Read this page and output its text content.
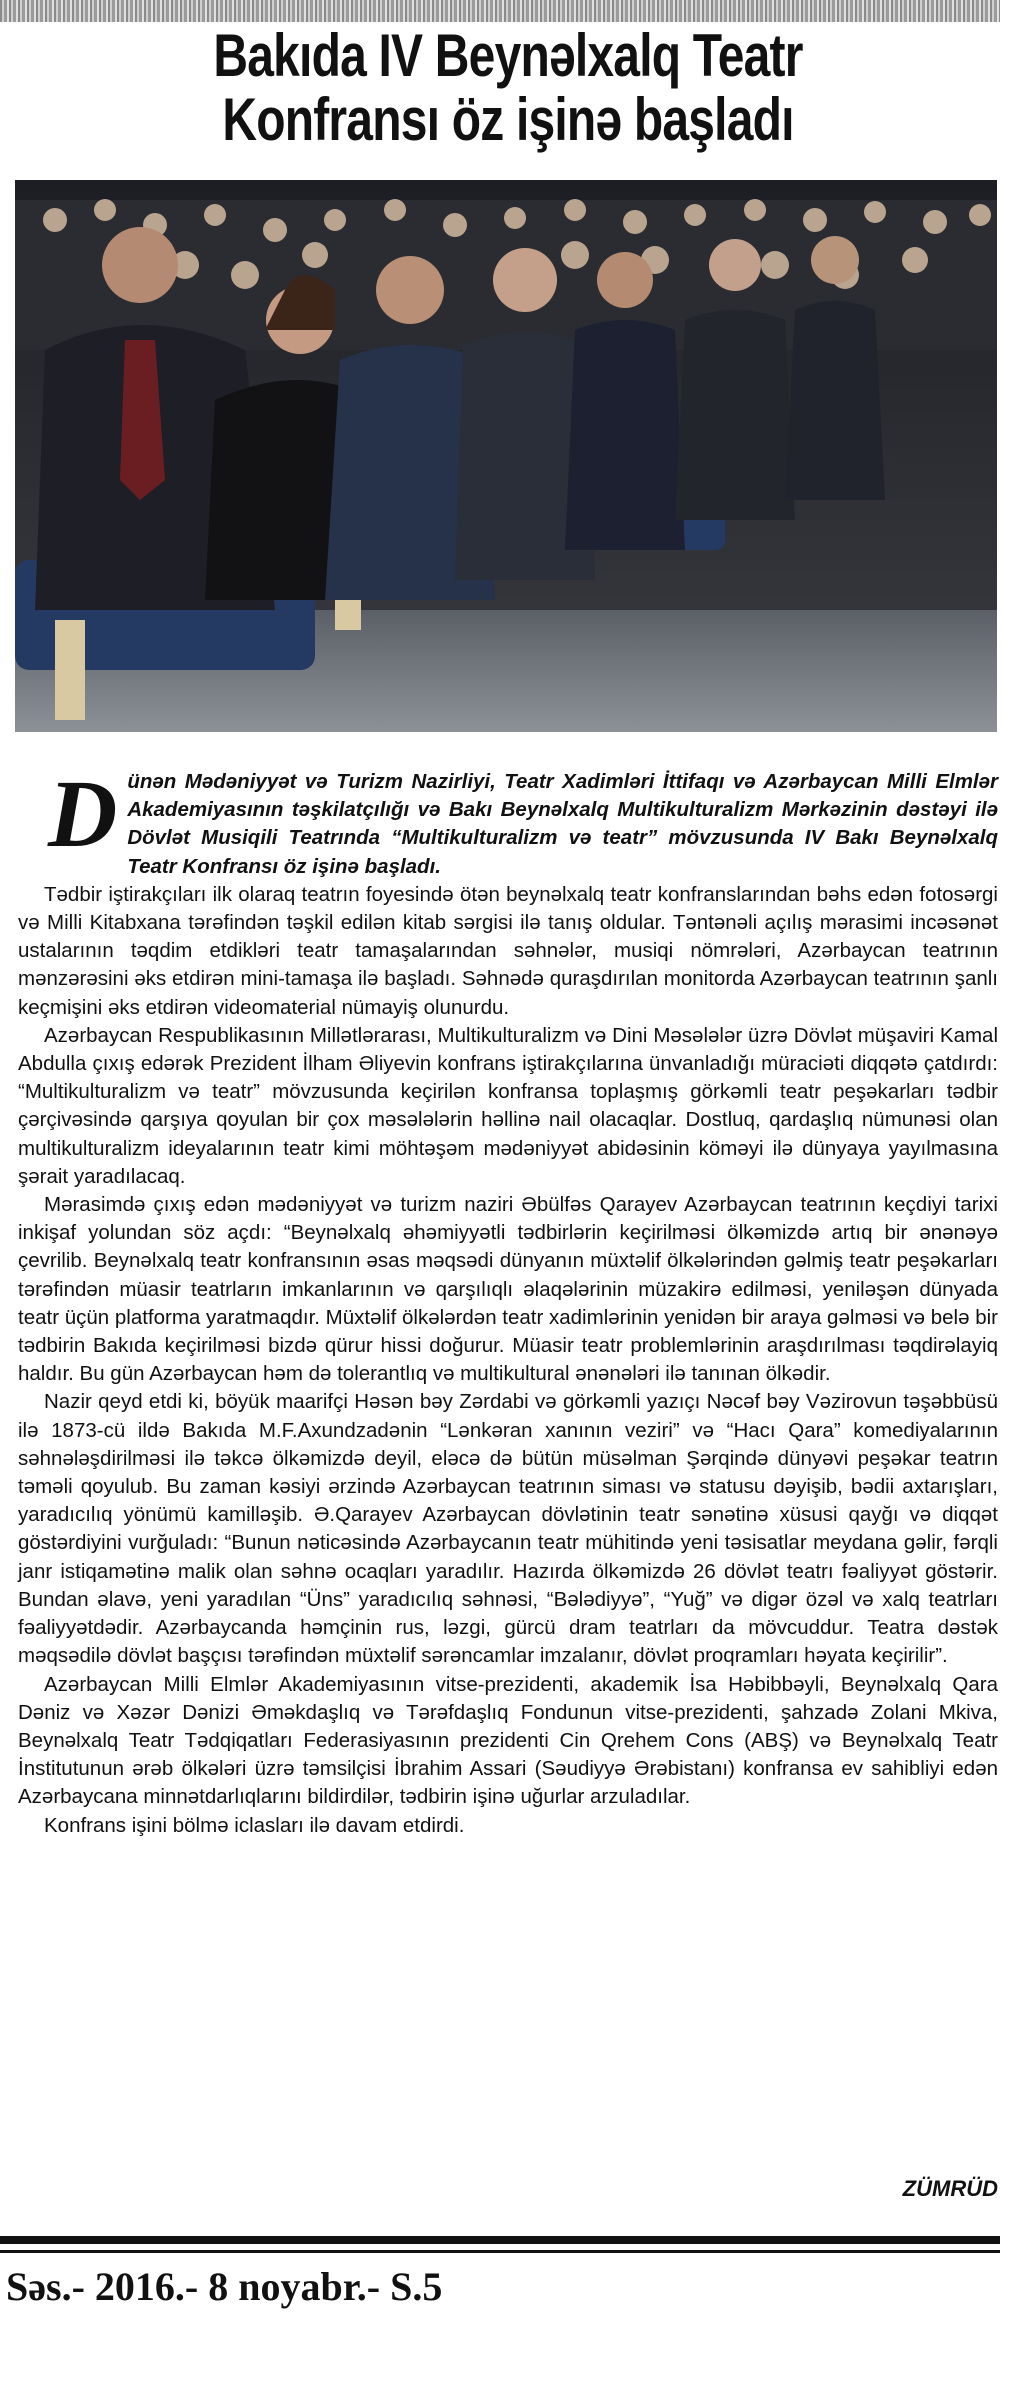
Bakıda IV Beynəlxalq Teatr
Konfransı öz işinə başladı

D ünən Mədəniyyət və Turizm Nazirliyi, Teatr Xadimləri İttifaqı və Azərbaycan Milli Elmlər Akademiyasının təşkilatçılığı və Bakı Beynəlxalq Multikulturalizm Mərkəzinin dəstəyi ilə Dövlət Musiqili Teatrında “Multikulturalizm və teatr” mövzusunda IV Bakı Beynəlxalq Teatr Konfransı öz işinə başladı.

Tədbir iştirakçıları ilk olaraq teatrın foyesində ötən beynəlxalq teatr konfranslarından bəhs edən fotosərgi və Milli Kitabxana tərəfindən təşkil edilən kitab sərgisi ilə tanış oldular. Təntənəli açılış mərasimi incəsənət ustalarının təqdim etdikləri teatr tamaşalarından səhnələr, musiqi nömrələri, Azərbaycan teatrının mənzərəsini əks etdirən mini-tamaşa ilə başladı. Səhnədə quraşdırılan monitorda Azərbaycan teatrının şanlı keçmişini əks etdirən videomaterial nümayiş olunurdu.

Azərbaycan Respublikasının Millətlərarası, Multikulturalizm və Dini Məsələlər üzrə Dövlət müşaviri Kamal Abdulla çıxış edərək Prezident İlham Əliyevin konfrans iştirakçılarına ünvanladığı müraciəti diqqətə çatdırdı: “Multikulturalizm və teatr” mövzusunda keçirilən konfransa toplaşmış görkəmli teatr peşəkarları tədbir çərçivəsində qarşıya qoyulan bir çox məsələlərin həllinə nail olacaqlar. Dostluq, qardaşlıq nümunəsi olan multikulturalizm ideyalarının teatr kimi möhtəşəm mədəniyyət abidəsinin köməyi ilə dünyaya yayılmasına şərait yaradılacaq.

Mərasimdə çıxış edən mədəniyyət və turizm naziri Əbülfəs Qarayev Azərbaycan teatrının keçdiyi tarixi inkişaf yolundan söz açdı: “Beynəlxalq əhəmiyyətli tədbirlərin keçirilməsi ölkəmizdə artıq bir ənənəyə çevrilib. Beynəlxalq teatr konfransının əsas məqsədi dünyanın müxtəlif ölkələrindən gəlmiş teatr peşəkarları tərəfindən müasir teatrların imkanlarının və qarşılıqlı əlaqələrinin müzakirə edilməsi, yeniləşən dünyada teatr üçün platforma yaratmaqdır. Müxtəlif ölkələrdən teatr xadimlərinin yenidən bir araya gəlməsi və belə bir tədbirin Bakıda keçirilməsi bizdə qürur hissi doğurur. Müasir teatr problemlərinin araşdırılması təqdirəlayiq haldır. Bu gün Azərbaycan həm də tolerantlıq və multikultural ənənələri ilə tanınan ölkədir.

Nazir qeyd etdi ki, böyük maarifçi Həsən bəy Zərdabi və görkəmli yazıçı Nəcəf bəy Vəzirovun təşəbbüsü ilə 1873-cü ildə Bakıda M.F.Axundzadənin “Lənkəran xanının veziri” və “Hacı Qara” komediyalarının səhnələşdirilməsi ilə təkcə ölkəmizdə deyil, eləcə də bütün müsəlman Şərqində dünyəvi peşəkar teatrın təməli qoyulub. Bu zaman kəsiyi ərzində Azərbaycan teatrının siması və statusu dəyişib, bədii axtarışları, yaradıcılıq yönümü kamilləşib. Ə.Qarayev Azərbaycan dövlətinin teatr sənətinə xüsusi qayğı və diqqət göstərdiyini vurğuladı: “Bunun nəticəsində Azərbaycanın teatr mühitində yeni təsisatlar meydana gəlir, fərqli janr istiqamətinə malik olan səhnə ocaqları yaradılır. Hazırda ölkəmizdə 26 dövlət teatrı fəaliyyət göstərir. Bundan əlavə, yeni yaradılan “Üns” yaradıcılıq səhnəsi, “Bələdiyyə”, “Yuğ” və digər özəl və xalq teatrları fəaliyyətdədir. Azərbaycanda həmçinin rus, ləzgi, gürcü dram teatrları da mövcuddur. Teatra dəstək məqsədilə dövlət başçısı tərəfindən müxtəlif sərəncamlar imzalanır, dövlət proqramları həyata keçirilir”.

Azərbaycan Milli Elmlər Akademiyasının vitse-prezidenti, akademik İsa Həbibbəyli, Beynəlxalq Qara Dəniz və Xəzər Dənizi Əməkdaşlıq və Tərəfdaşlıq Fondunun vitse-prezidenti, şahzadə Zolani Mkiva, Beynəlxalq Teatr Tədqiqatları Federasiyasının prezidenti Cin Qrehem Cons (ABŞ) və Beynəlxalq Teatr İnstitutunun ərəb ölkələri üzrə təmsilçisi İbrahim Assari (Səudiyyə Ərəbistanı) konfransa ev sahibliyi edən Azərbaycana minnətdarlıqlarını bildirdilər, tədbirin işinə uğurlar arzuladılar.

Konfrans işini bölmə iclasları ilə davam etdirdi.

ZÜMRÜD
Səs.- 2016.- 8 noyabr.- S.5
